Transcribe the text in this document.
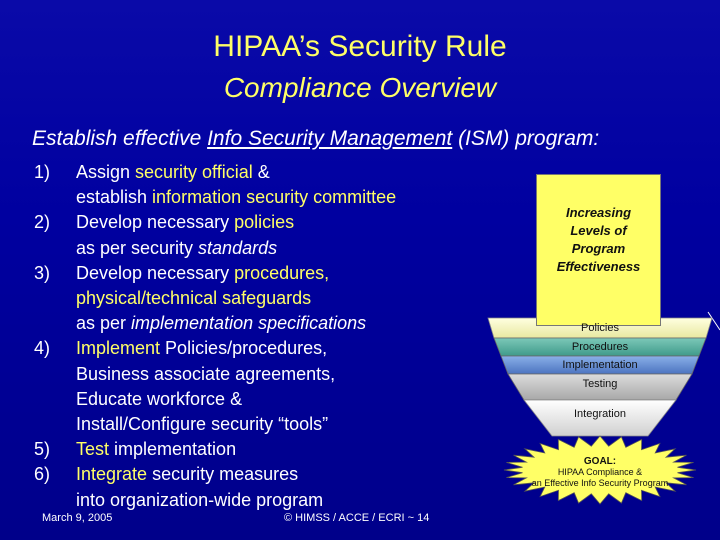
HIPAA’s Security Rule
Compliance Overview
Establish effective Info Security Management (ISM) program:
1)	Assign security official &
establish information security committee
2)	Develop necessary policies
as per security standards
3)	Develop necessary procedures,
physical/technical safeguards
as per implementation specifications
4)	Implement Policies/procedures,
Business associate agreements,
Educate workforce &
Install/Configure security “tools”
5)	Test implementation
6)	Integrate security measures
into organization-wide program
March 9, 2005	© HIMSS / ACCE / ECRI ~ 14
Increasing
Levels of
Program
Effectiveness
Policies
Procedures
Implementation
Testing
Integration
GOAL:
HIPAA Compliance &
an Effective Info Security Program
